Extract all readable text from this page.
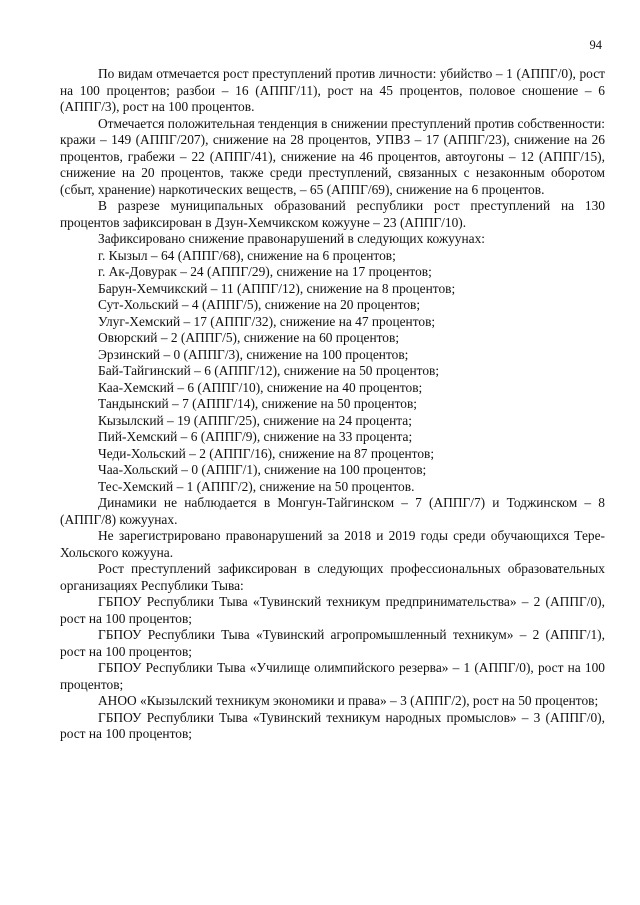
94

По видам отмечается рост преступлений против личности: убийство – 1 (АППГ/0), рост на 100 процентов; разбои – 16 (АППГ/11), рост на 45 процентов, половое сношение – 6 (АППГ/3), рост на 100 процентов.

Отмечается положительная тенденция в снижении преступлений против собственности: кражи – 149 (АППГ/207), снижение на 28 процентов, УПВЗ – 17 (АППГ/23), снижение на 26 процентов, грабежи – 22 (АППГ/41), снижение на 46 процентов, автоугоны – 12 (АППГ/15), снижение на 20 процентов, также среди преступлений, связанных с незаконным оборотом (сбыт, хранение) наркотических веществ, – 65 (АППГ/69), снижение на 6 процентов.

В разрезе муниципальных образований республики рост преступлений на 130 процентов зафиксирован в Дзун-Хемчикском кожууне – 23 (АППГ/10).

Зафиксировано снижение правонарушений в следующих кожуунах:

г. Кызыл – 64 (АППГ/68), снижение на 6 процентов;
г. Ак-Довурак – 24 (АППГ/29), снижение на 17 процентов;
Барун-Хемчикский – 11 (АППГ/12), снижение на 8 процентов;
Сут-Хольский – 4 (АППГ/5), снижение на 20 процентов;
Улуг-Хемский – 17 (АППГ/32), снижение на 47 процентов;
Овюрский – 2 (АППГ/5), снижение на 60 процентов;
Эрзинский – 0 (АППГ/3), снижение на 100 процентов;
Бай-Тайгинский – 6 (АППГ/12), снижение на 50 процентов;
Каа-Хемский – 6 (АППГ/10), снижение на 40 процентов;
Тандынский – 7 (АППГ/14), снижение на 50 процентов;
Кызылский – 19 (АППГ/25), снижение на 24 процента;
Пий-Хемский – 6 (АППГ/9), снижение на 33 процента;
Чеди-Хольский – 2 (АППГ/16), снижение на 87 процентов;
Чаа-Хольский – 0 (АППГ/1), снижение на 100 процентов;
Тес-Хемский – 1 (АППГ/2), снижение на 50 процентов.

Динамики не наблюдается в Монгун-Тайгинском – 7 (АППГ/7) и Тоджинском – 8 (АППГ/8) кожуунах.

Не зарегистрировано правонарушений за 2018 и 2019 годы среди обучающихся Тере-Хольского кожууна.

Рост преступлений зафиксирован в следующих профессиональных образовательных организациях Республики Тыва:

ГБПОУ Республики Тыва «Тувинский техникум предпринимательства» – 2 (АППГ/0), рост на 100 процентов;

ГБПОУ Республики Тыва «Тувинский агропромышленный техникум» – 2 (АППГ/1), рост на 100 процентов;

ГБПОУ Республики Тыва «Училище олимпийского резерва» – 1 (АППГ/0), рост на 100 процентов;

АНОО «Кызылский техникум экономики и права» – 3 (АППГ/2), рост на 50 процентов;

ГБПОУ Республики Тыва «Тувинский техникум народных промыслов» – 3 (АППГ/0), рост на 100 процентов;
